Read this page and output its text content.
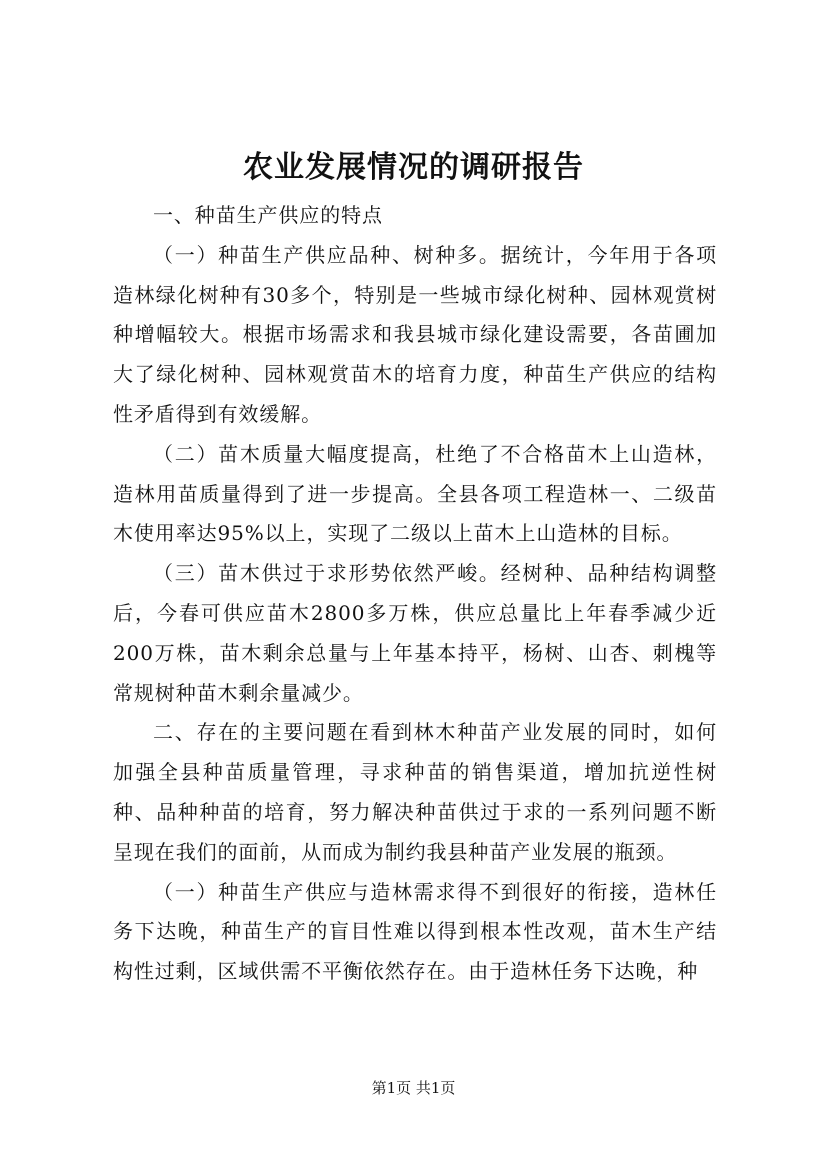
农业发展情况的调研报告

一、种苗生产供应的特点

（一）种苗生产供应品种、树种多。据统计，今年用于各项造林绿化树种有30多个，特别是一些城市绿化树种、园林观赏树种增幅较大。根据市场需求和我县城市绿化建设需要，各苗圃加大了绿化树种、园林观赏苗木的培育力度，种苗生产供应的结构性矛盾得到有效缓解。

（二）苗木质量大幅度提高，杜绝了不合格苗木上山造林，造林用苗质量得到了进一步提高。全县各项工程造林一、二级苗木使用率达95%以上，实现了二级以上苗木上山造林的目标。

（三）苗木供过于求形势依然严峻。经树种、品种结构调整后，今春可供应苗木2800多万株，供应总量比上年春季减少近200万株，苗木剩余总量与上年基本持平，杨树、山杏、刺槐等常规树种苗木剩余量减少。

二、存在的主要问题在看到林木种苗产业发展的同时，如何加强全县种苗质量管理，寻求种苗的销售渠道，增加抗逆性树种、品种种苗的培育，努力解决种苗供过于求的一系列问题不断呈现在我们的面前，从而成为制约我县种苗产业发展的瓶颈。

（一）种苗生产供应与造林需求得不到很好的衔接，造林任务下达晚，种苗生产的盲目性难以得到根本性改观，苗木生产结构性过剩，区域供需不平衡依然存在。由于造林任务下达晚，种

第1页 共1页
